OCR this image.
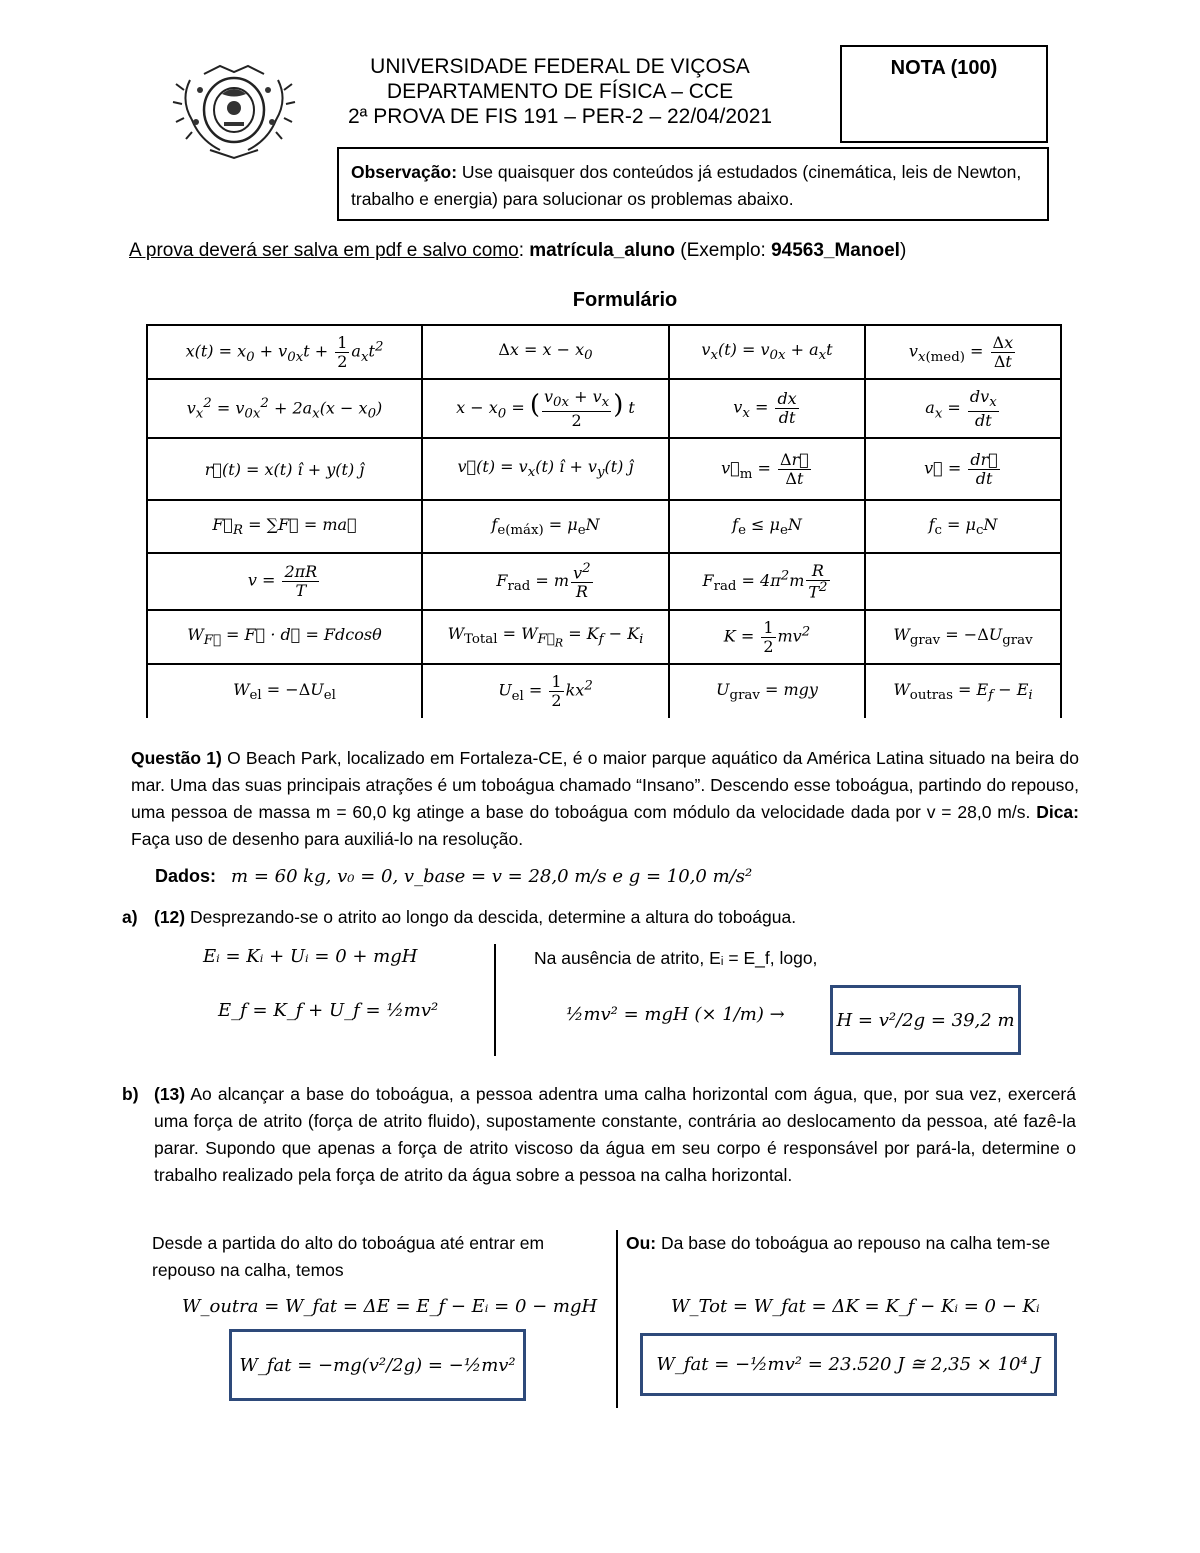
UNIVERSIDADE FEDERAL DE VIÇOSA
DEPARTAMENTO DE FÍSICA – CCE
2ª PROVA DE FIS 191 – PER-2 – 22/04/2021
NOTA (100)
Observação: Use quaisquer dos conteúdos já estudados (cinemática, leis de Newton, trabalho e energia) para solucionar os problemas abaixo.
A prova deverá ser salva em pdf e salvo como: matrícula_aluno (Exemplo: 94563_Manoel)
Formulário
$x(t) = x_0 + v_{0x}t + \frac{1}{2} a_xt^2$	$\Delta x = x - x_0$	$v_x(t) = v_{0x} + a_xt$	$v_{x(med)} = \frac{\Delta x}{\Delta t}$

$v_x^2 = v_{0x}^2 + 2a_x(x - x_0)$	$x - x_0$ = ( $\frac{v_{0x} + v_x}{2}$ ) t	$v_x = \frac{dx}{dt}$	$a_x = \frac{dv_x}{dt}$

r⃗(t) = x(t) î + y(t) ĵ	v⃗(t) = $v_x(t)$ î + $v_y(t)$ ĵ	$v⃗_m = \frac{\Delta r⃗}{\Delta t}$	v⃗ = $\frac{dr⃗}{dt}$

$F⃗_R$ = ∑F⃗ = ma⃗	$f_{e(máx)} = \mu_eN$	$f_e \le \mu_eN$	$f_c = \mu_cN$
$v = \frac{2\pi R}{T}$	$F_{rad} = m \frac{v^2}{R}$	$F_{rad} = 4\pi^2m \frac{R}{T^2}$

$W_{F⃗}$ = F⃗ · d⃗ = Fdcosθ	$W_{Total} = W_{F⃗_R} = K_f - K_i$	$K = \frac{1}{2} mv^2$	$W_{grav} = -\Delta U_{grav}$
$W_{el} = -\Delta U_{el}$	$U_{el} = \frac{1}{2} kx^2$	$U_{grav}$ = mgy	$W_{outras} = E_f - E_i$
Questão 1) O Beach Park, localizado em Fortaleza-CE, é o maior parque aquático da América Latina situado na beira do mar. Uma das suas principais atrações é um toboágua chamado “Insano”. Descendo esse toboágua, partindo do repouso, uma pessoa de massa m = 60,0 kg atinge a base do toboágua com módulo da velocidade dada por v = 28,0 m/s. Dica: Faça uso de desenho para auxiliá-lo na resolução.
Dados: m = 60 kg, v₀ = 0, v_base = v = 28,0 m/s e g = 10,0 m/s²
a) (12) Desprezando-se o atrito ao longo da descida, determine a altura do toboágua.
Eᵢ = Kᵢ + Uᵢ = 0 + mgH
E_f = K_f + U_f = ½mv²
Na ausência de atrito, Eᵢ = E_f, logo,
½mv² = mgH (× 1/m) →	H = v²/2g = 39,2 m
b) (13) Ao alcançar a base do toboágua, a pessoa adentra uma calha horizontal com água, que, por sua vez, exercerá uma força de atrito (força de atrito fluido), supostamente constante, contrária ao deslocamento da pessoa, até fazê-la parar. Supondo que apenas a força de atrito viscoso da água em seu corpo é responsável por pará-la, determine o trabalho realizado pela força de atrito da água sobre a pessoa na calha horizontal.
Desde a partida do alto do toboágua até entrar em repouso na calha, temos
W_outra = W_fat = ΔE = E_f − Eᵢ = 0 − mgH
W_fat = −mg(v²/2g) = −½mv²
Ou: Da base do toboágua ao repouso na calha tem-se
W_Tot = W_fat = ΔK = K_f − Kᵢ = 0 − Kᵢ
W_fat = −½mv² = 23.520 J ≅ 2,35 × 10⁴ J
